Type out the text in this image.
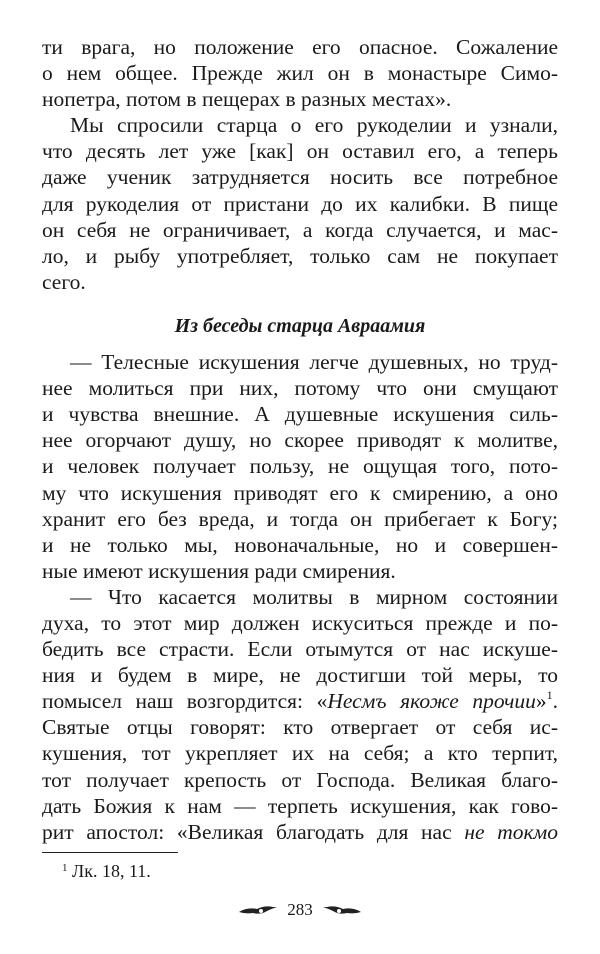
ти врага, но положение его опасное. Сожаление
о нем общее. Прежде жил он в монастыре Симо-
нопетра, потом в пещерах в разных местах».
Мы спросили старца о его рукоделии и узнали,
что десять лет уже [как] он оставил его, а теперь
даже ученик затрудняется носить все потребное
для рукоделия от пристани до их калибки. В пище
он себя не ограничивает, а когда случается, и мас-
ло, и рыбу употребляет, только сам не покупает
сего.
Из беседы старца Авраамия
— Телесные искушения легче душевных, но труд-
нее молиться при них, потому что они смущают
и чувства внешние. А душевные искушения силь-
нее огорчают душу, но скорее приводят к молитве,
и человек получает пользу, не ощущая того, пото-
му что искушения приводят его к смирению, а оно
хранит его без вреда, и тогда он прибегает к Богу;
и не только мы, новоначальные, но и совершен-
ные имеют искушения ради смирения.
— Что касается молитвы в мирном состоянии
духа, то этот мир должен искуситься прежде и по-
бедить все страсти. Если отымутся от нас искуше-
ния и будем в мире, не достигши той меры, то
помысел наш возгордится: «Несмъ якоже прочии»$^1$.
Святые отцы говорят: кто отвергает от себя ис-
кушения, тот укрепляет их на себя; а кто терпит,
тот получает крепость от Господа. Великая благо-
дать Божия к нам — терпеть искушения, как гово-
рит апостол: «Великая благодать для нас не токмо
$^1$ Лк. 18, 11.
283
